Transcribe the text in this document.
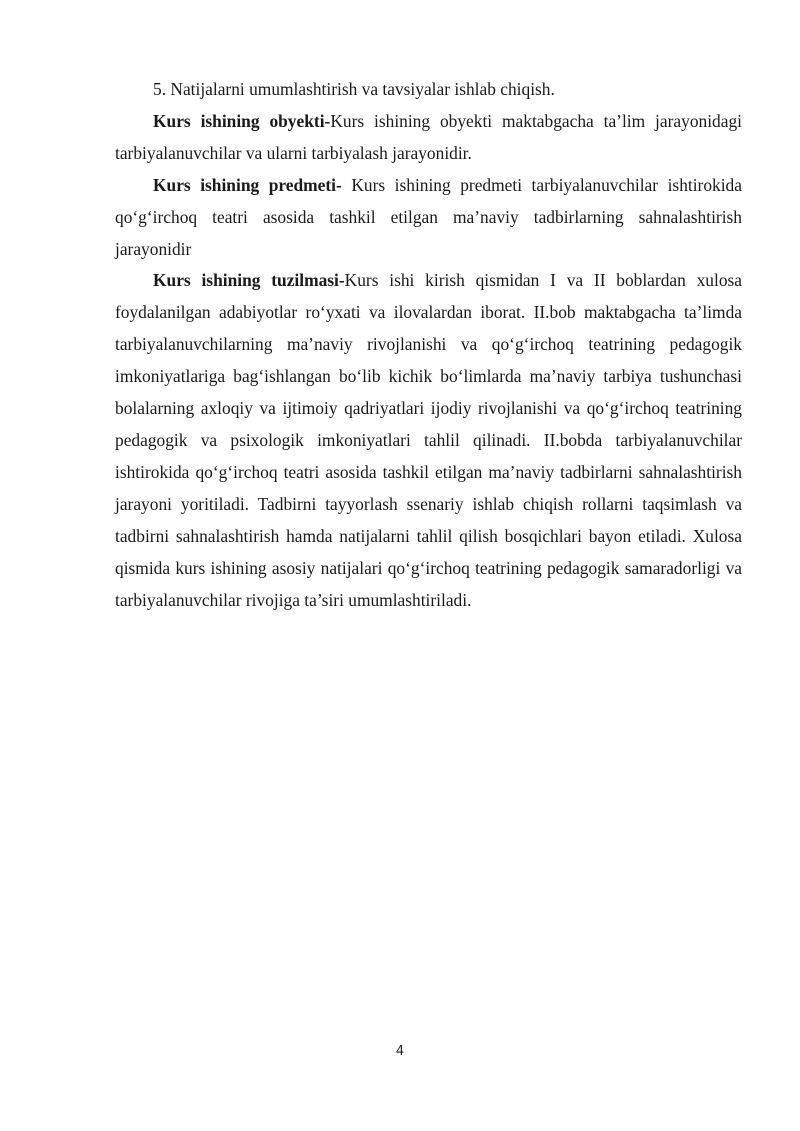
5. Natijalarni umumlashtirish va tavsiyalar ishlab chiqish.

Kurs ishining obyekti-Kurs ishining obyekti maktabgacha ta’lim jarayonidagi tarbiyalanuvchilar va ularni tarbiyalash jarayonidir.

Kurs ishining predmeti- Kurs ishining predmeti tarbiyalanuvchilar ishtirokida qo‘g‘irchoq teatri asosida tashkil etilgan ma’naviy tadbirlarning sahnalashtirish jarayonidir

Kurs ishining tuzilmasi-Kurs ishi kirish qismidan I va II boblardan xulosa foydalanilgan adabiyotlar ro‘yxati va ilovalardan iborat. II.bob maktabgacha ta’limda tarbiyalanuvchilarning ma’naviy rivojlanishi va qo‘g‘irchoq teatrining pedagogik imkoniyatlariga bag‘ishlangan bo‘lib kichik bo‘limlarda ma’naviy tarbiya tushunchasi bolalarning axloqiy va ijtimoiy qadriyatlari ijodiy rivojlanishi va qo‘g‘irchoq teatrining pedagogik va psixologik imkoniyatlari tahlil qilinadi. II.bobda tarbiyalanuvchilar ishtirokida qo‘g‘irchoq teatri asosida tashkil etilgan ma’naviy tadbirlarni sahnalashtirish jarayoni yoritiladi. Tadbirni tayyorlash ssenariy ishlab chiqish rollarni taqsimlash va tadbirni sahnalashtirish hamda natijalarni tahlil qilish bosqichlari bayon etiladi. Xulosa qismida kurs ishining asosiy natijalari qo‘g‘irchoq teatrining pedagogik samaradorligi va tarbiyalanuvchilar rivojiga ta’siri umumlashtiriladi.

4
